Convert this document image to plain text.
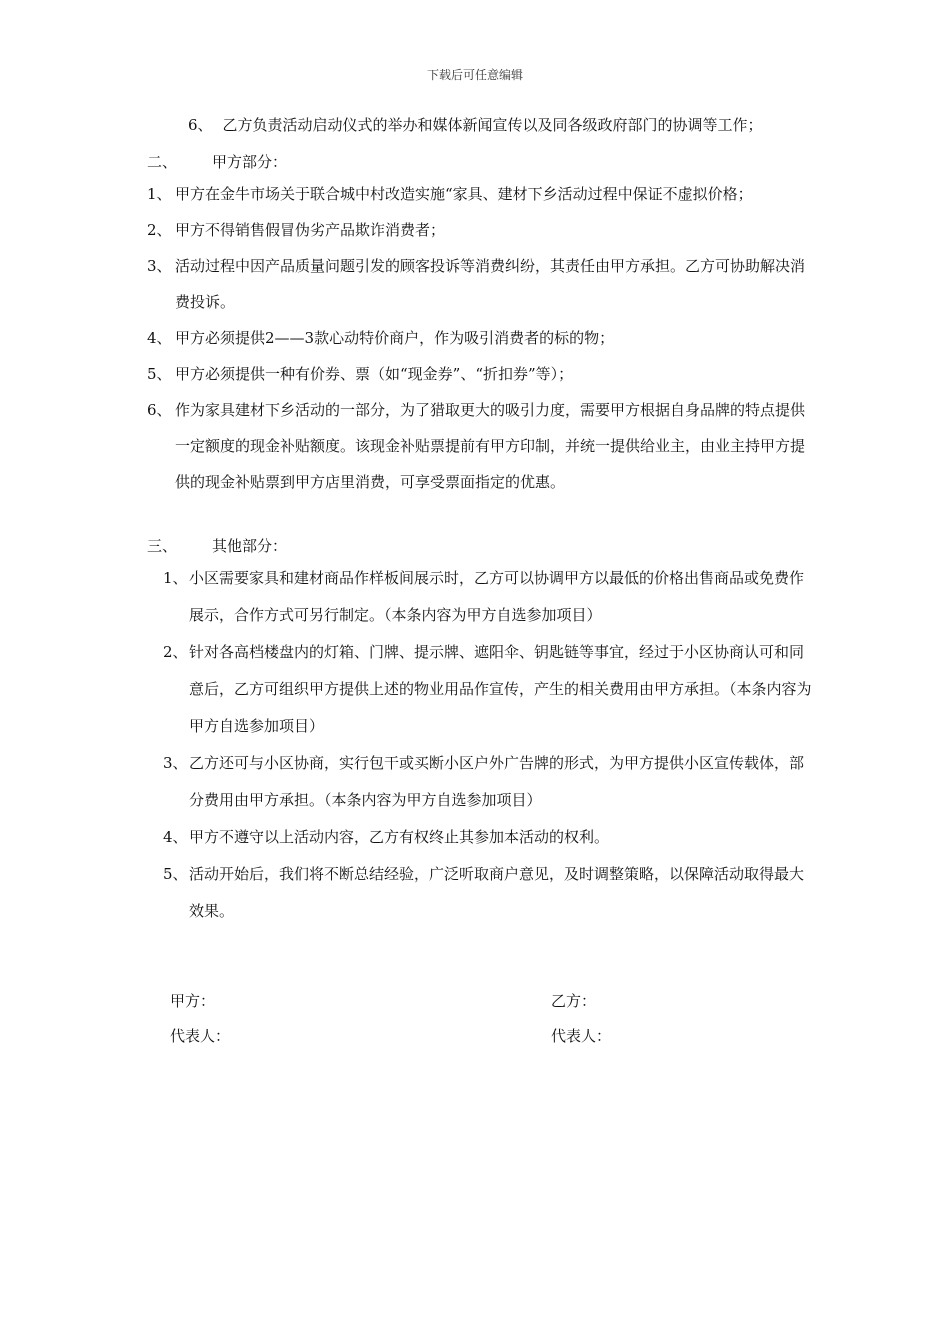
下载后可任意编辑
6、 乙方负责活动启动仪式的举办和媒体新闻宣传以及同各级政府部门的协调等工作；
二、 甲方部分：
1、 甲方在金牛市场关于联合城中村改造实施“家具、建材下乡活动过程中保证不虚拟价格；
2、 甲方不得销售假冒伪劣产品欺诈消费者；
3、 活动过程中因产品质量问题引发的顾客投诉等消费纠纷，其责任由甲方承担。乙方可协助解决消费投诉。
4、 甲方必须提供2——3款心动特价商户，作为吸引消费者的标的物；
5、 甲方必须提供一种有价券、票（如“现金券”、“折扣券”等）；
6、 作为家具建材下乡活动的一部分，为了猎取更大的吸引力度，需要甲方根据自身品牌的特点提供一定额度的现金补贴额度。该现金补贴票提前有甲方印制，并统一提供给业主，由业主持甲方提供的现金补贴票到甲方店里消费，可享受票面指定的优惠。
三、 其他部分：
1、 小区需要家具和建材商品作样板间展示时，乙方可以协调甲方以最低的价格出售商品或免费作展示，合作方式可另行制定。（本条内容为甲方自选参加项目）
2、 针对各高档楼盘内的灯箱、门牌、提示牌、遮阳伞、钥匙链等事宜，经过于小区协商认可和同意后，乙方可组织甲方提供上述的物业用品作宣传，产生的相关费用由甲方承担。（本条内容为甲方自选参加项目）
3、 乙方还可与小区协商，实行包干或买断小区户外广告牌的形式，为甲方提供小区宣传载体，部分费用由甲方承担。（本条内容为甲方自选参加项目）
4、 甲方不遵守以上活动内容，乙方有权终止其参加本活动的权利。
5、 活动开始后，我们将不断总结经验，广泛听取商户意见，及时调整策略，以保障活动取得最大效果。
甲方：	乙方：
代表人：	代表人：
